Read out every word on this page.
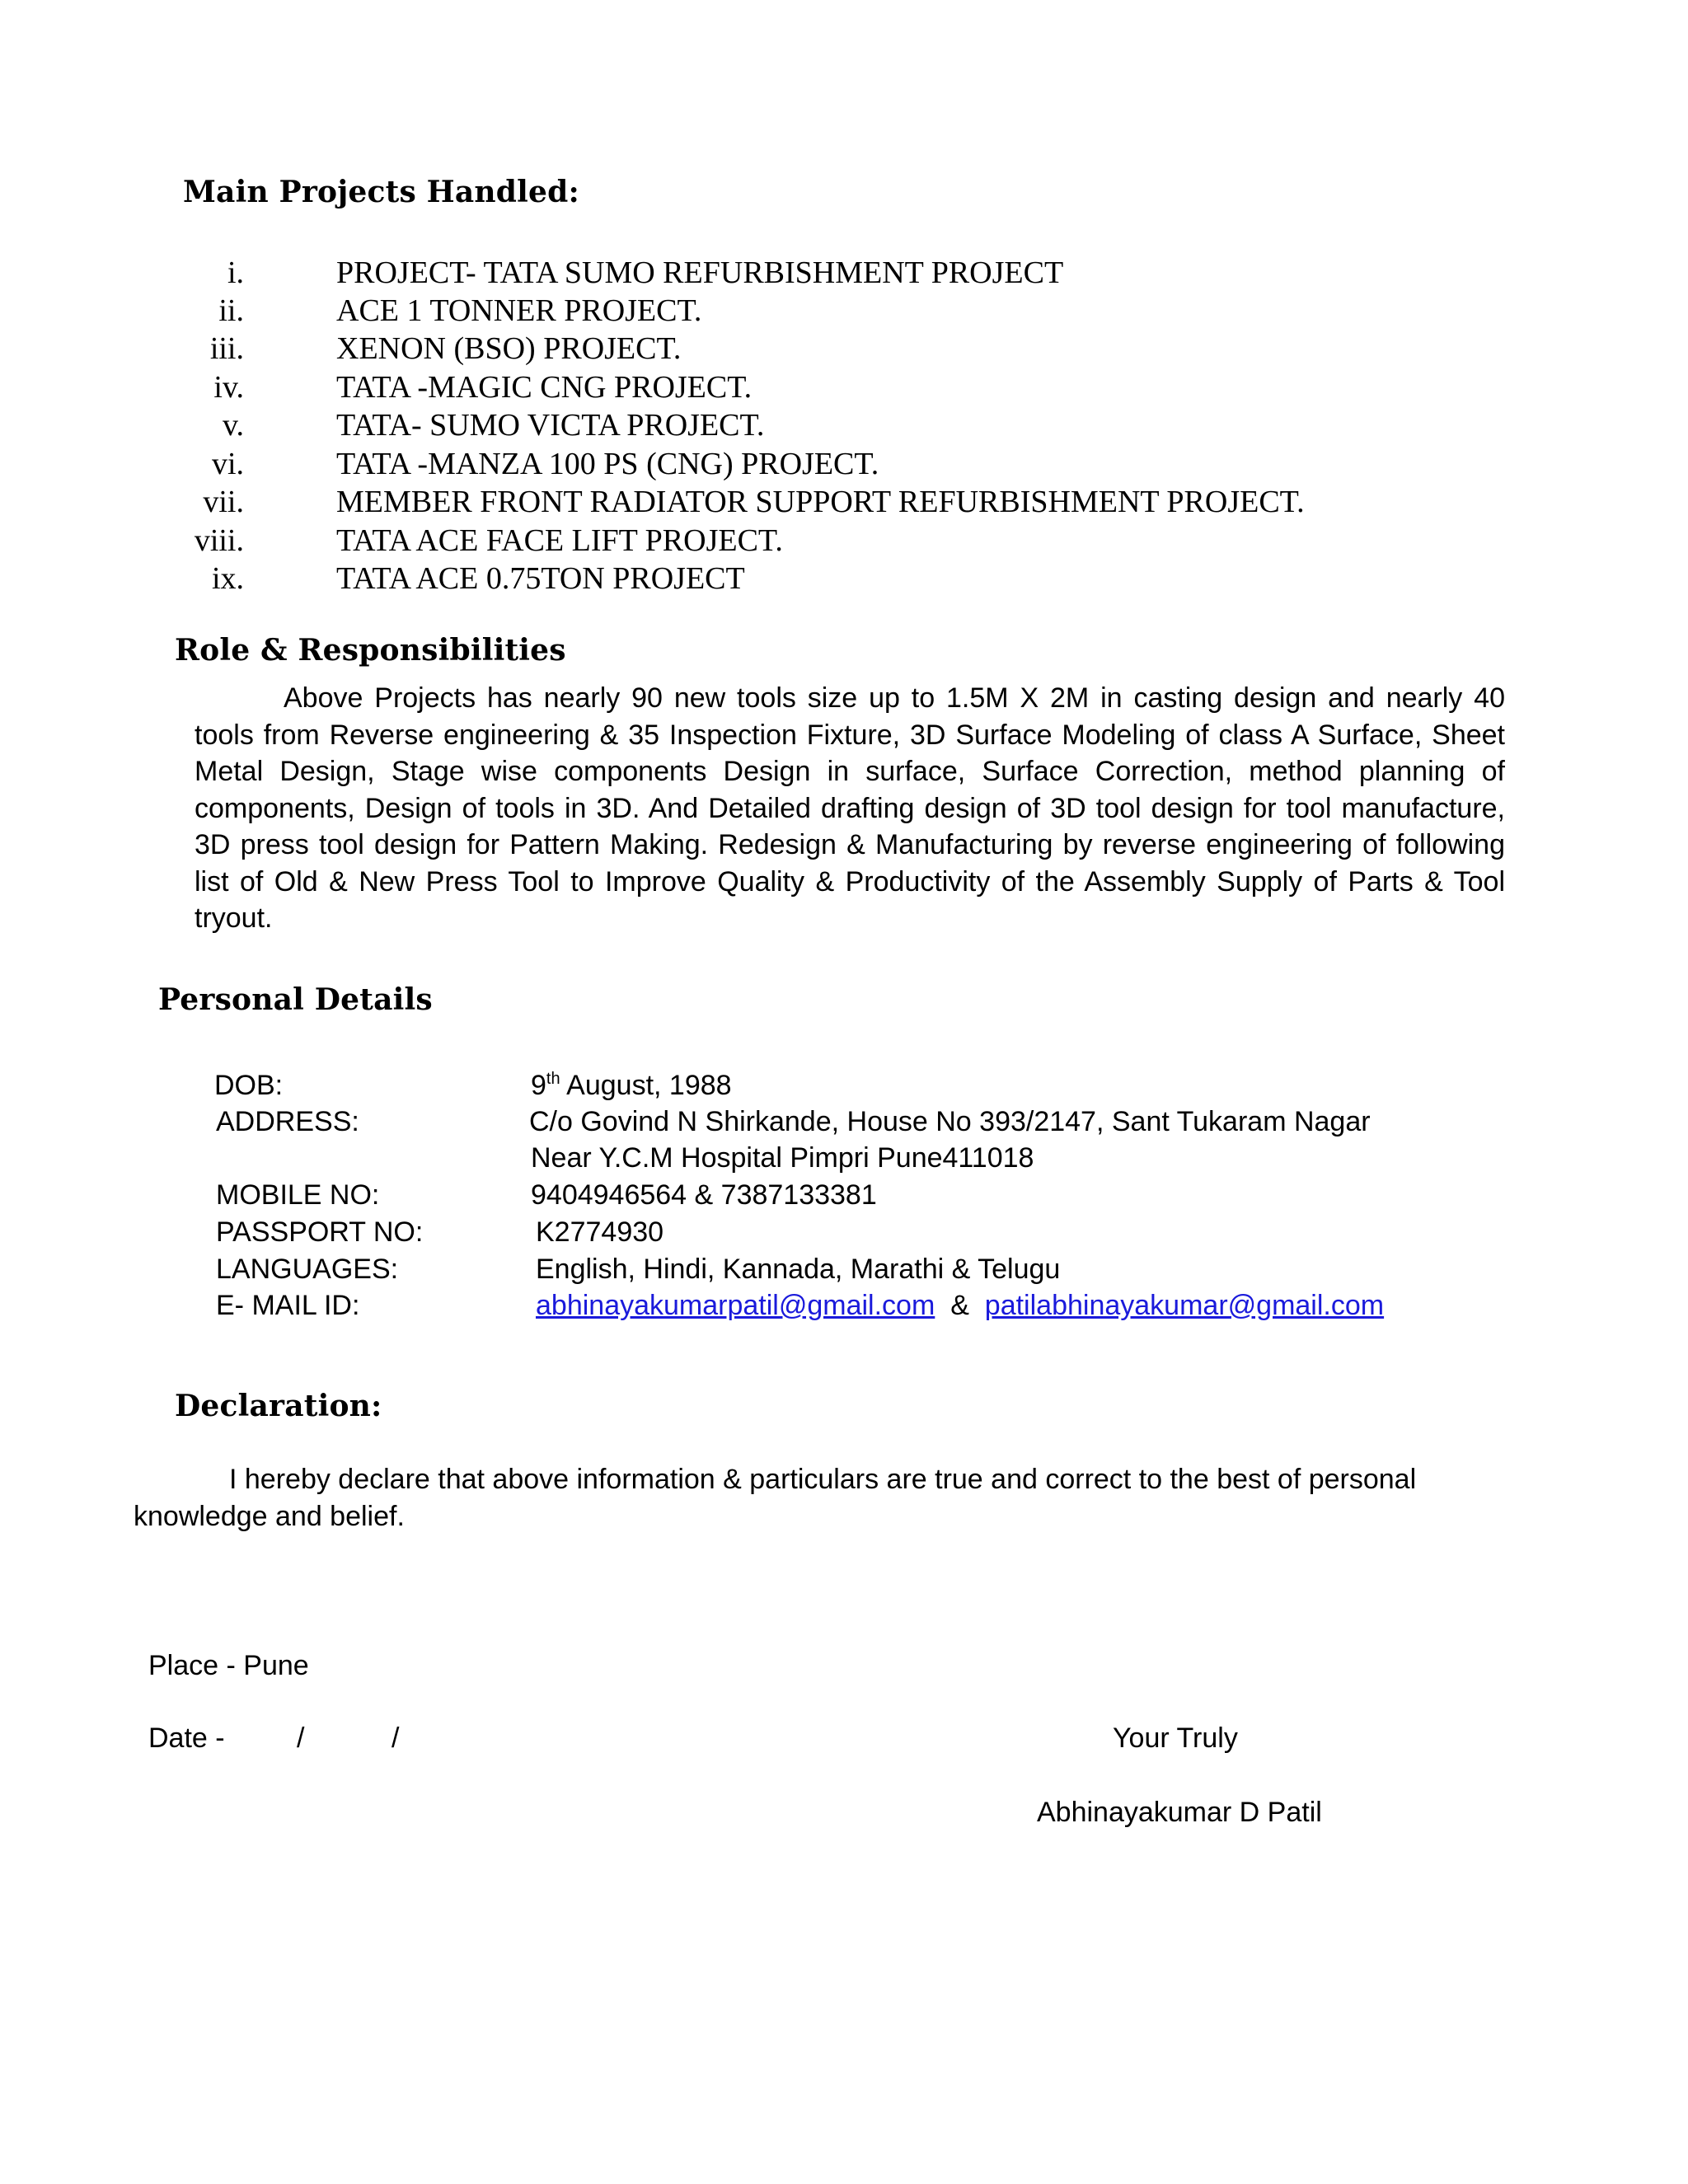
Main Projects Handled:
i.	PROJECT- TATA SUMO REFURBISHMENT PROJECT
ii.	ACE 1 TONNER PROJECT.
iii.	XENON (BSO) PROJECT.
iv.	TATA -MAGIC CNG PROJECT.
v.	TATA- SUMO VICTA PROJECT.
vi.	TATA -MANZA 100 PS (CNG) PROJECT.
vii.	MEMBER FRONT RADIATOR SUPPORT REFURBISHMENT PROJECT.
viii.	TATA ACE FACE LIFT PROJECT.
ix.	TATA ACE 0.75TON PROJECT
Role & Responsibilities
Above Projects has nearly 90 new tools size up to 1.5M X 2M in casting design and nearly 40 tools from Reverse engineering & 35 Inspection Fixture, 3D Surface Modeling of class A Surface, Sheet Metal Design, Stage wise components Design in surface, Surface Correction, method planning of components, Design of tools in 3D. And Detailed drafting design of 3D tool design for tool manufacture, 3D press tool design for Pattern Making. Redesign & Manufacturing by reverse engineering of following list of Old & New Press Tool to Improve Quality & Productivity of the Assembly Supply of Parts & Tool tryout.
Personal Details
DOB:	9th August, 1988
ADDRESS:	C/o Govind N Shirkande, House No 393/2147, Sant Tukaram Nagar
Near Y.C.M Hospital Pimpri Pune411018
MOBILE NO:	9404946564 & 7387133381
PASSPORT NO:	K2774930
LANGUAGES:	English, Hindi, Kannada, Marathi & Telugu
E- MAIL ID:	abhinayakumarpatil@gmail.com & patilabhinayakumar@gmail.com
Declaration:
I hereby declare that above information & particulars are true and correct to the best of personal
knowledge and belief.
Place - Pune
Date -	/	/	Your Truly
Abhinayakumar D Patil
